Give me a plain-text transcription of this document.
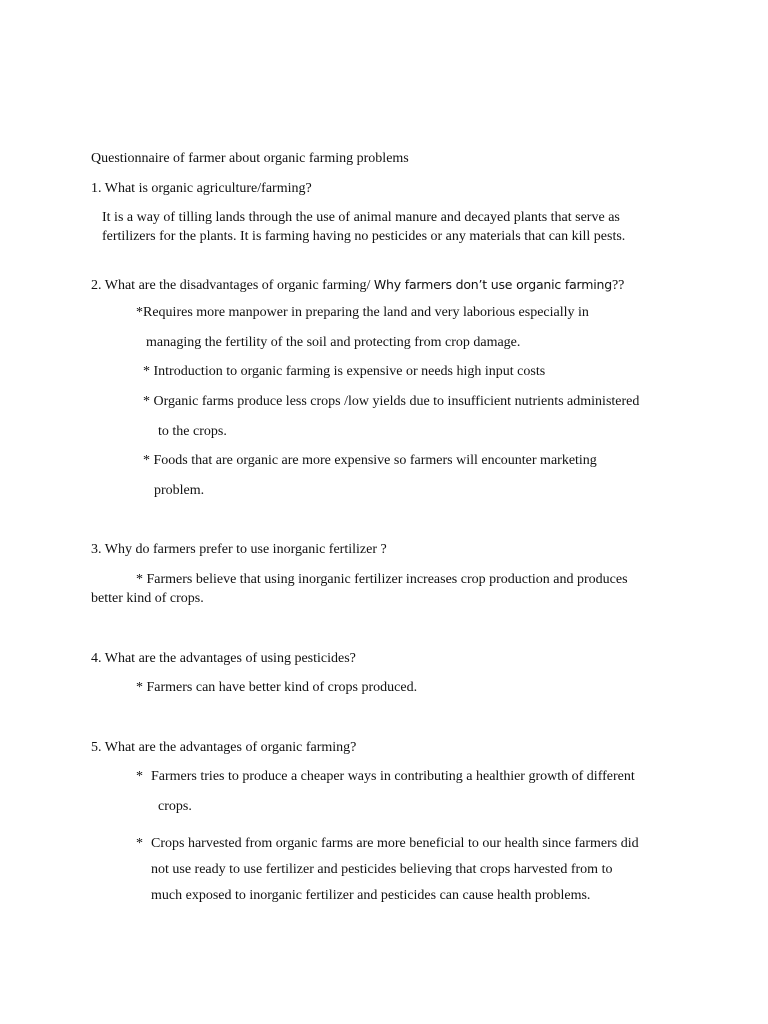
Questionnaire of farmer about organic farming problems
1. What is organic agriculture/farming?
It is a way of tilling lands through the use of animal manure and decayed plants that serve as
fertilizers for the plants. It is farming having no pesticides or any materials that can kill pests.
2. What are the disadvantages of organic farming/ Why farmers don’t use organic farming??
*Requires more manpower in preparing the land and very laborious especially in
managing the fertility of the soil and protecting from crop damage.
* Introduction to organic farming is expensive or needs high input costs
* Organic farms produce less crops /low yields due to insufficient nutrients administered
to the crops.
* Foods that are organic are more expensive so farmers will encounter marketing
problem.
3. Why do farmers prefer to use inorganic fertilizer ?
* Farmers believe that using inorganic fertilizer increases crop production and produces
better kind of crops.
4. What are the advantages of using pesticides?
* Farmers can have better kind of crops produced.
5. What are the advantages of organic farming?
* Farmers tries to produce a cheaper ways in contributing a healthier growth of different
crops.
* Crops harvested from organic farms are more beneficial to our health since farmers did
not use ready to use fertilizer and pesticides believing that crops harvested from to
much exposed to inorganic fertilizer and pesticides can cause health problems.
